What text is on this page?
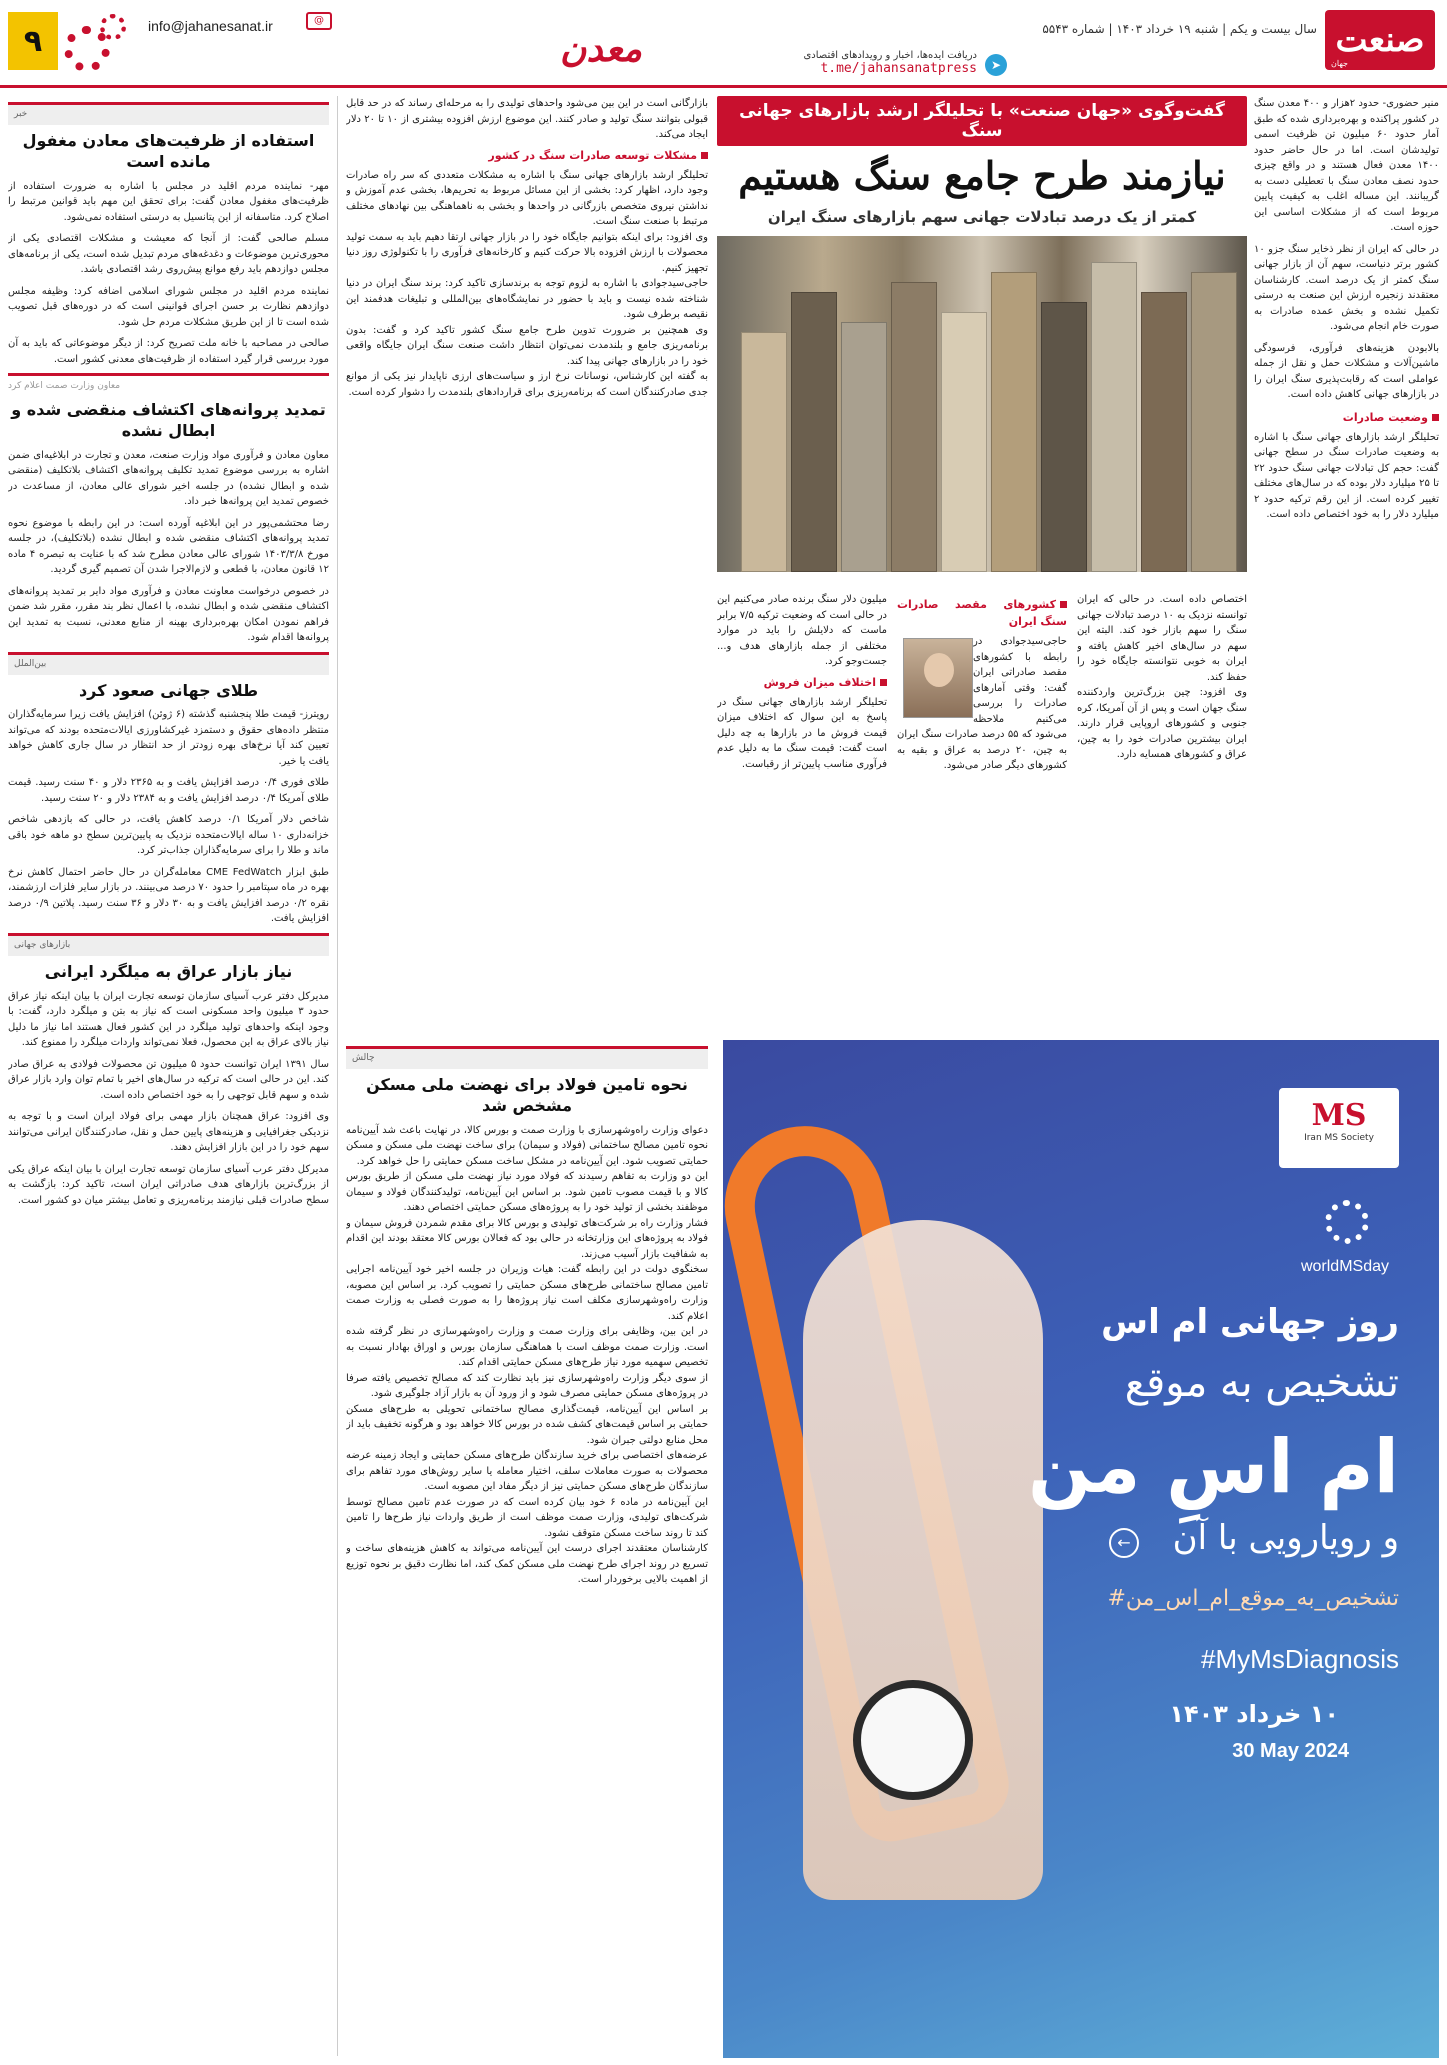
صنعت
جهان
سال بیست و یکم | شنبه ۱۹ خرداد ۱۴۰۳ | شماره ۵۵۴۳
➤
دریافت ایده‌ها، اخبار و رویدادهای اقتصادی
t.me/jahansanatpress
معدن
@
info@jahanesanat.ir
۹

منیر حضوری- حدود ۲هزار و ۴۰۰ معدن سنگ در کشور پراکنده و بهره‌برداری شده که طبق آمار حدود ۶۰ میلیون تن ظرفیت اسمی تولیدشان است. اما در حال حاضر حدود ۱۴۰۰ معدن فعال هستند و در واقع چیزی حدود نصف معادن سنگ با تعطیلی دست به گریبانند. این مساله اغلب به کیفیت پایین مربوط است که از مشکلات اساسی این حوزه است.

در حالی که ایران از نظر ذخایر سنگ جزو ۱۰ کشور برتر دنیاست، سهم آن از بازار جهانی سنگ کمتر از یک درصد است. کارشناسان معتقدند زنجیره ارزش این صنعت به درستی تکمیل نشده و بخش عمده صادرات به صورت خام انجام می‌شود.

بالابودن هزینه‌های فرآوری، فرسودگی ماشین‌آلات و مشکلات حمل و نقل از جمله عواملی است که رقابت‌پذیری سنگ ایران را در بازارهای جهانی کاهش داده است.

وضعیت صادرات

تحلیلگر ارشد بازارهای جهانی سنگ با اشاره به وضعیت صادرات سنگ در سطح جهانی گفت: حجم کل تبادلات جهانی سنگ حدود ۲۲ تا ۲۵ میلیارد دلار بوده که در سال‌های مختلف تغییر کرده است. از این رقم ترکیه حدود ۲ میلیارد دلار را به خود اختصاص داده است.

گفت‌وگوی «جهان صنعت» با تحلیلگر ارشد بازارهای جهانی سنگ
نیازمند طرح جامع سنگ هستیم
کمتر از یک درصد تبادلات جهانی سهم بازارهای سنگ ایران

اختصاص داده است. در حالی که ایران توانسته نزدیک به ۱۰ درصد تبادلات جهانی سنگ را سهم بازار خود کند. البته این سهم در سال‌های اخیر کاهش یافته و ایران به خوبی نتوانسته جایگاه خود را حفظ کند.

وی افزود: چین بزرگ‌ترین واردکننده سنگ جهان است و پس از آن آمریکا، کره جنوبی و کشورهای اروپایی قرار دارند. ایران بیشترین صادرات خود را به چین، عراق و کشورهای همسایه دارد.

کشورهای مقصد صادرات سنگ ایران

حاجی‌سیدجوادی در رابطه با کشورهای مقصد صادراتی ایران گفت: وقتی آمارهای صادرات را بررسی می‌کنیم ملاحظه می‌شود که ۵۵ درصد صادرات سنگ ایران به چین، ۲۰ درصد به عراق و بقیه به کشورهای دیگر صادر می‌شود.

میلیون دلار سنگ برنده صادر می‌کنیم این در حالی است که وضعیت ترکیه ۷/۵ برابر ماست که دلایلش را باید در موارد مختلفی از جمله بازارهای هدف و... جست‌وجو کرد.

اختلاف میزان فروش

تحلیلگر ارشد بازارهای جهانی سنگ در پاسخ به این سوال که اختلاف میزان قیمت فروش ما در بازارها به چه دلیل است گفت: قیمت سنگ ما به دلیل عدم فرآوری مناسب پایین‌تر از رقباست.

بازارگانی است در این بین می‌شود واحدهای تولیدی را به مرحله‌ای رساند که در حد قابل قبولی بتوانند سنگ تولید و صادر کنند. این موضوع ارزش افزوده بیشتری از ۱۰ تا ۲۰ دلار ایجاد می‌کند.

مشکلات توسعه صادرات سنگ در کشور

تحلیلگر ارشد بازارهای جهانی سنگ با اشاره به مشکلات متعددی که سر راه صادرات وجود دارد، اظهار کرد: بخشی از این مسائل مربوط به تحریم‌ها، بخشی عدم آموزش و نداشتن نیروی متخصص بازرگانی در واحدها و بخشی به ناهماهنگی بین نهادهای مختلف مرتبط با صنعت سنگ است.

وی افزود: برای اینکه بتوانیم جایگاه خود را در بازار جهانی ارتقا دهیم باید به سمت تولید محصولات با ارزش افزوده بالا حرکت کنیم و کارخانه‌های فرآوری را با تکنولوژی روز دنیا تجهیز کنیم.

حاجی‌سیدجوادی با اشاره به لزوم توجه به برندسازی تاکید کرد: برند سنگ ایران در دنیا شناخته شده نیست و باید با حضور در نمایشگاه‌های بین‌المللی و تبلیغات هدفمند این نقیصه برطرف شود.

وی همچنین بر ضرورت تدوین طرح جامع سنگ کشور تاکید کرد و گفت: بدون برنامه‌ریزی جامع و بلندمدت نمی‌توان انتظار داشت صنعت سنگ ایران جایگاه واقعی خود را در بازارهای جهانی پیدا کند.

به گفته این کارشناس، نوسانات نرخ ارز و سیاست‌های ارزی ناپایدار نیز یکی از موانع جدی صادرکنندگان است که برنامه‌ریزی برای قراردادهای بلندمدت را دشوار کرده است.

خبر
استفاده از ظرفیت‌های معادن مغفول مانده است

مهر- نماینده مردم اقلید در مجلس با اشاره به ضرورت استفاده از ظرفیت‌های مغفول معادن گفت: برای تحقق این مهم باید قوانین مرتبط را اصلاح کرد. متاسفانه از این پتانسیل به درستی استفاده نمی‌شود.

مسلم صالحی گفت: از آنجا که معیشت و مشکلات اقتصادی یکی از محوری‌ترین موضوعات و دغدغه‌های مردم تبدیل شده است، یکی از برنامه‌های مجلس دوازدهم باید رفع موانع پیش‌روی رشد اقتصادی باشد.

نماینده مردم اقلید در مجلس شورای اسلامی اضافه کرد: وظیفه مجلس دوازدهم نظارت بر حسن اجرای قوانینی است که در دوره‌های قبل تصویب شده است تا از این طریق مشکلات مردم حل شود.

صالحی در مصاحبه با خانه ملت تصریح کرد: از دیگر موضوعاتی که باید به آن مورد بررسی قرار گیرد استفاده از ظرفیت‌های معدنی کشور است.

معاون وزارت صمت اعلام کرد
تمدید پروانه‌های اکتشاف منقضی شده و ابطال نشده

معاون معادن و فرآوری مواد وزارت صنعت، معدن و تجارت در ابلاغیه‌ای ضمن اشاره به بررسی موضوع تمدید تکلیف پروانه‌های اکتشاف بلاتکلیف (منقضی شده و ابطال نشده) در جلسه اخیر شورای عالی معادن، از مساعدت در خصوص تمدید این پروانه‌ها خبر داد.

رضا محتشمی‌پور در این ابلاغیه آورده است: در این رابطه با موضوع نحوه تمدید پروانه‌های اکتشاف منقضی شده و ابطال نشده (بلاتکلیف)، در جلسه مورخ ۱۴۰۳/۳/۸ شورای عالی معادن مطرح شد که با عنایت به تبصره ۴ ماده ۱۲ قانون معادن، با قطعی و لازم‌الاجرا شدن آن تصمیم گیری گردید.

در خصوص درخواست معاونت معادن و فرآوری مواد دایر بر تمدید پروانه‌های اکتشاف منقضی شده و ابطال نشده، با اعمال نظر بند مقرر، مقرر شد ضمن فراهم نمودن امکان بهره‌برداری بهینه از منابع معدنی، نسبت به تمدید این پروانه‌ها اقدام شود.

بین‌الملل
طلای جهانی صعود کرد

رویترز- قیمت طلا پنجشنبه گذشته (۶ ژوئن) افزایش یافت زیرا سرمایه‌گذاران منتظر داده‌های حقوق و دستمزد غیرکشاورزی ایالات‌متحده بودند که می‌تواند تعیین کند آیا نرخ‌های بهره زودتر از حد انتظار در سال جاری کاهش خواهد یافت یا خیر.

طلای فوری ۰/۴ درصد افزایش یافت و به ۲۳۶۵ دلار و ۴۰ سنت رسید. قیمت طلای آمریکا ۰/۴ درصد افزایش یافت و به ۲۳۸۴ دلار و ۲۰ سنت رسید.

شاخص دلار آمریکا ۰/۱ درصد کاهش یافت، در حالی که بازدهی شاخص خزانه‌داری ۱۰ ساله ایالات‌متحده نزدیک به پایین‌ترین سطح دو ماهه خود باقی ماند و طلا را برای سرمایه‌گذاران جذاب‌تر کرد.

طبق ابزار CME FedWatch معامله‌گران در حال حاضر احتمال کاهش نرخ بهره در ماه سپتامبر را حدود ۷۰ درصد می‌بینند. در بازار سایر فلزات ارزشمند، نقره ۰/۲ درصد افزایش یافت و به ۳۰ دلار و ۳۶ سنت رسید. پلاتین ۰/۹ درصد افزایش یافت.

بازارهای جهانی
نیاز بازار عراق به میلگرد ایرانی

مدیرکل دفتر عرب آسیای سازمان توسعه تجارت ایران با بیان اینکه نیاز عراق حدود ۳ میلیون واحد مسکونی است که نیاز به بتن و میلگرد دارد، گفت: با وجود اینکه واحدهای تولید میلگرد در این کشور فعال هستند اما نیاز ما دلیل نیاز بالای عراق به این محصول، فعلا نمی‌تواند واردات میلگرد را ممنوع کند.

سال ۱۳۹۱ ایران توانست حدود ۵ میلیون تن محصولات فولادی به عراق صادر کند. این در حالی است که ترکیه در سال‌های اخیر با تمام توان وارد بازار عراق شده و سهم قابل توجهی را به خود اختصاص داده است.

وی افزود: عراق همچنان بازار مهمی برای فولاد ایران است و با توجه به نزدیکی جغرافیایی و هزینه‌های پایین حمل و نقل، صادرکنندگان ایرانی می‌توانند سهم خود را در این بازار افزایش دهند.

مدیرکل دفتر عرب آسیای سازمان توسعه تجارت ایران با بیان اینکه عراق یکی از بزرگ‌ترین بازارهای هدف صادراتی ایران است، تاکید کرد: بازگشت به سطح صادرات قبلی نیازمند برنامه‌ریزی و تعامل بیشتر میان دو کشور است.

چالش
نحوه تامین فولاد برای نهضت ملی مسکن مشخص شد

دعوای وزارت راه‌وشهرسازی با وزارت صمت و بورس کالا، در نهایت باعث شد آیین‌نامه نحوه تامین مصالح ساختمانی (فولاد و سیمان) برای ساخت نهضت ملی مسکن و مسکن حمایتی تصویب شود. این آیین‌نامه در مشکل ساخت مسکن حمایتی را حل خواهد کرد.

این دو وزارت به تفاهم رسیدند که فولاد مورد نیاز نهضت ملی مسکن از طریق بورس کالا و با قیمت مصوب تامین شود. بر اساس این آیین‌نامه، تولیدکنندگان فولاد و سیمان موظفند بخشی از تولید خود را به پروژه‌های مسکن حمایتی اختصاص دهند.

فشار وزارت راه بر شرکت‌های تولیدی و بورس کالا برای مقدم شمردن فروش سیمان و فولاد به پروژه‌های این وزارتخانه در حالی بود که فعالان بورس کالا معتقد بودند این اقدام به شفافیت بازار آسیب می‌زند.

سخنگوی دولت در این رابطه گفت: هیات وزیران در جلسه اخیر خود آیین‌نامه اجرایی تامین مصالح ساختمانی طرح‌های مسکن حمایتی را تصویب کرد. بر اساس این مصوبه، وزارت راه‌وشهرسازی مکلف است نیاز پروژه‌ها را به صورت فصلی به وزارت صمت اعلام کند.

در این بین، وظایفی برای وزارت صمت و وزارت راه‌وشهرسازی در نظر گرفته شده است. وزارت صمت موظف است با هماهنگی سازمان بورس و اوراق بهادار نسبت به تخصیص سهمیه مورد نیاز طرح‌های مسکن حمایتی اقدام کند.

از سوی دیگر وزارت راه‌وشهرسازی نیز باید نظارت کند که مصالح تخصیص یافته صرفا در پروژه‌های مسکن حمایتی مصرف شود و از ورود آن به بازار آزاد جلوگیری شود.

بر اساس این آیین‌نامه، قیمت‌گذاری مصالح ساختمانی تحویلی به طرح‌های مسکن حمایتی بر اساس قیمت‌های کشف شده در بورس کالا خواهد بود و هرگونه تخفیف باید از محل منابع دولتی جبران شود.

عرضه‌های اختصاصی برای خرید سازندگان طرح‌های مسکن حمایتی و ایجاد زمینه عرضه محصولات به صورت معاملات سلف، اختیار معامله یا سایر روش‌های مورد تفاهم برای سازندگان طرح‌های مسکن حمایتی نیز از دیگر مفاد این مصوبه است.

این آیین‌نامه در ماده ۶ خود بیان کرده است که در صورت عدم تامین مصالح توسط شرکت‌های تولیدی، وزارت صمت موظف است از طریق واردات نیاز طرح‌ها را تامین کند تا روند ساخت مسکن متوقف نشود.

کارشناسان معتقدند اجرای درست این آیین‌نامه می‌تواند به کاهش هزینه‌های ساخت و تسریع در روند اجرای طرح نهضت ملی مسکن کمک کند، اما نظارت دقیق بر نحوه توزیع از اهمیت بالایی برخوردار است.

MS
Iran MS Society
worldMSday
روز جهانی ام اس
تشخیص به موقع
ام اسِ من
← و رویارویی با آن
تشخیص_به_موقع_ام_اس_من#
#MyMsDiagnosis
۱۰ خرداد ۱۴۰۳
30 May 2024
